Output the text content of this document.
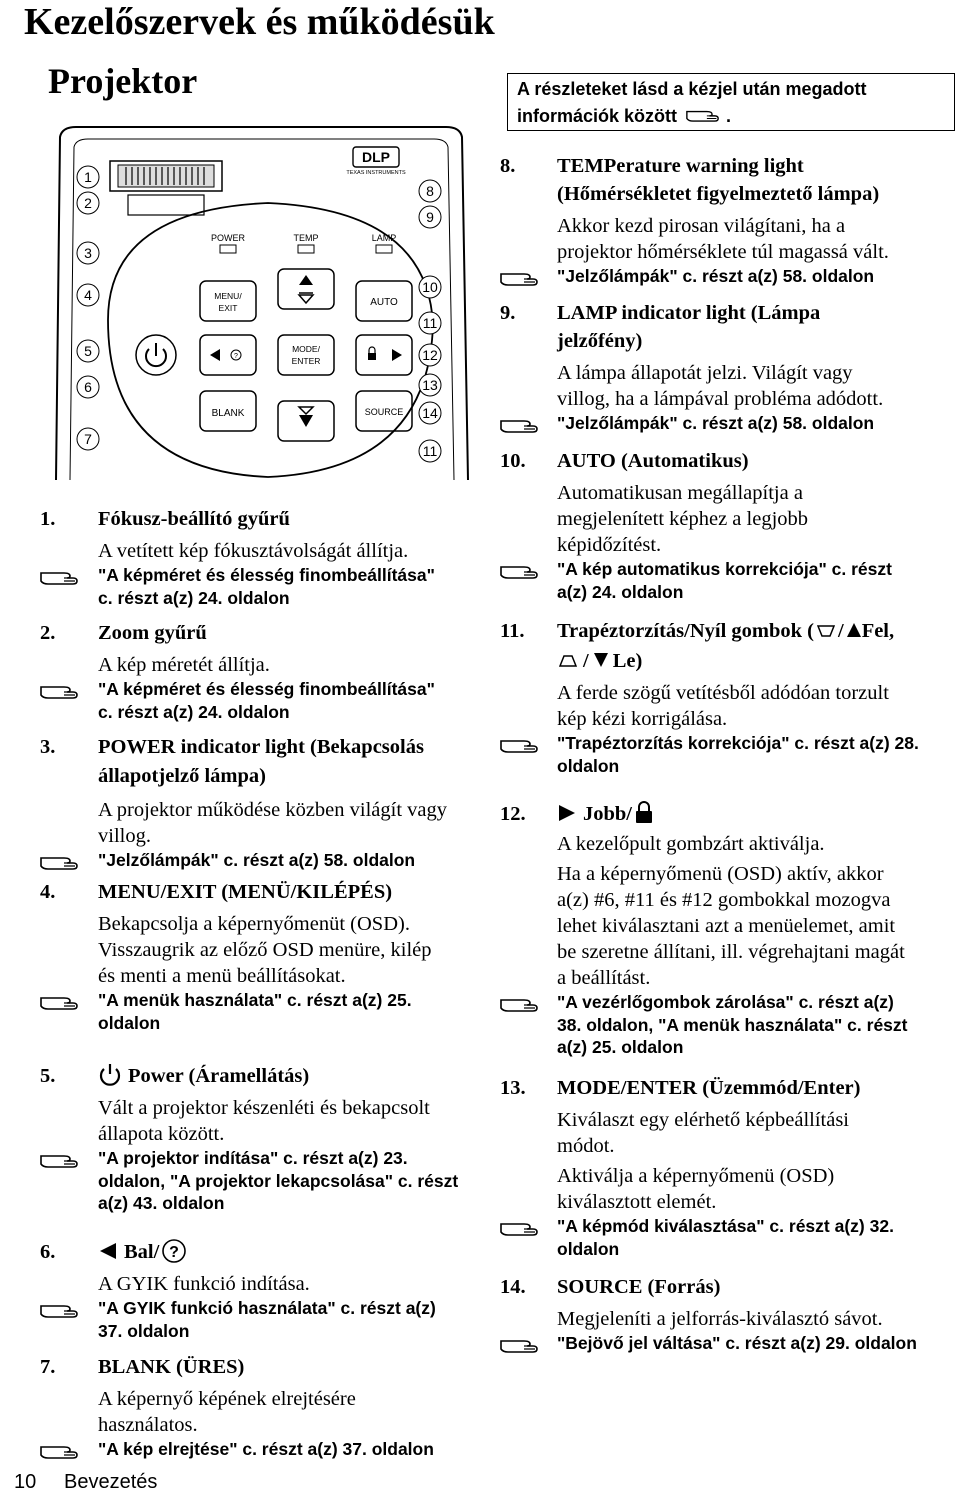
Kezelőszervek és működésük
Projektor	A részleteket lásd a kézjel után megadott
információk között	.
DLP
TEXAS INSTRUMENTS
POWER	TEMP	LAMP
MENU/
EXIT	AUTO
?
MODE/
ENTER
BLANK	SOURCE
1
2
3
4
5
6
7
8
9
10
11
12
13
14
11
1. Fókusz-beállító gyűrű
A vetített kép fókusztávolságát állítja.
"A képméret és élesség finombeállítása"
c. részt a(z) 24. oldalon
2. Zoom gyűrű
A kép méretét állítja.
"A képméret és élesség finombeállítása"
c. részt a(z) 24. oldalon
3. POWER indicator light (Bekapcsolás
állapotjelző lámpa)
A projektor működése közben világít vagy
villog.
"Jelzőlámpák" c. részt a(z) 58. oldalon
4. MENU/EXIT (MENÜ/KILÉPÉS)
Bekapcsolja a képernyőmenüt (OSD).
Visszaugrik az előző OSD menüre, kilép
és menti a menü beállításokat.
"A menük használata" c. részt a(z) 25.
oldalon
5.	Power (Áramellátás)
Vált a projektor készenléti és bekapcsolt
állapota között.
"A projektor indítása" c. részt a(z) 23.
oldalon, "A projektor lekapcsolása" c. részt
a(z) 43. oldalon
6.	Bal/ ?
A GYIK funkció indítása.
"A GYIK funkció használata" c. részt a(z)
37. oldalon
7. BLANK (ÜRES)
A képernyő képének elrejtésére
használatos.
"A kép elrejtése" c. részt a(z) 37. oldalon
8. TEMPerature warning light
(Hőmérsékletet figyelmeztető lámpa)
Akkor kezd pirosan világítani, ha a
projektor hőmérséklete túl magassá vált.
"Jelzőlámpák" c. részt a(z) 58. oldalon
9. LAMP indicator light (Lámpa
jelzőfény)
A lámpa állapotát jelzi. Világít vagy
villog, ha a lámpával probléma adódott.
"Jelzőlámpák" c. részt a(z) 58. oldalon
10. AUTO (Automatikus)
Automatikusan megállapítja a
megjelenített képhez a legjobb
képidőzítést.
"A kép automatikus korrekciója" c. részt
a(z) 24. oldalon
11. Trapéztorzítás/Nyíl gombok ( / Fel,
/ Le)
A ferde szögű vetítésből adódóan torzult
kép kézi korrigálása.
"Trapéztorzítás korrekciója" c. részt a(z) 28.
oldalon
12.	Jobb/
A kezelőpult gombzárt aktiválja.
Ha a képernyőmenü (OSD) aktív, akkor
a(z) #6, #11 és #12 gombokkal mozogva
lehet kiválasztani azt a menüelemet, amit
be szeretne állítani, ill. végrehajtani magát
a beállítást.
"A vezérlőgombok zárolása" c. részt a(z)
38. oldalon, "A menük használata" c. részt
a(z) 25. oldalon
13. MODE/ENTER (Üzemmód/Enter)
Kiválaszt egy elérhető képbeállítási
módot.
Aktiválja a képernyőmenü (OSD)
kiválasztott elemét.
"A képmód kiválasztása" c. részt a(z) 32.
oldalon
14. SOURCE (Forrás)
Megjeleníti a jelforrás-kiválasztó sávot.
"Bejövő jel váltása" c. részt a(z) 29. oldalon
10 Bevezetés
